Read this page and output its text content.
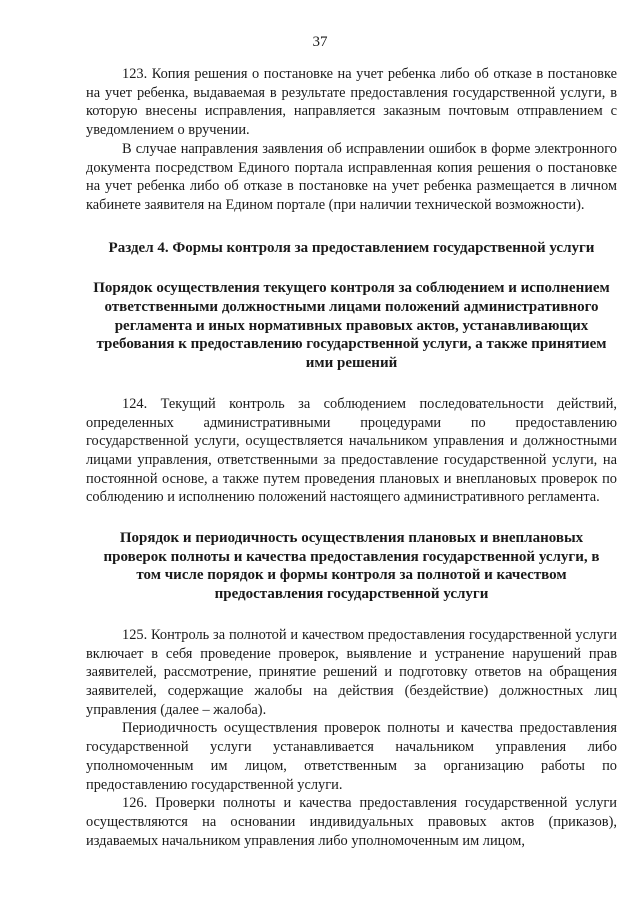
37

123. Копия решения о постановке на учет ребенка либо об отказе в постановке на учет ребенка, выдаваемая в результате предоставления государственной услуги, в которую внесены исправления, направляется заказным почтовым отправлением с уведомлением о вручении.

В случае направления заявления об исправлении ошибок в форме электронного документа посредством Единого портала исправленная копия решения о постановке на учет ребенка либо об отказе в постановке на учет ребенка размещается в личном кабинете заявителя на Едином портале (при наличии технической возможности).

Раздел 4. Формы контроля за предоставлением государственной услуги
Порядок осуществления текущего контроля за соблюдением и исполнением ответственными должностными лицами положений административного регламента и иных нормативных правовых актов, устанавливающих требования к предоставлению государственной услуги, а также принятием ими решений

124. Текущий контроль за соблюдением последовательности действий, определенных административными процедурами по предоставлению государственной услуги, осуществляется начальником управления и должностными лицами управления, ответственными за предоставление государственной услуги, на постоянной основе, а также путем проведения плановых и внеплановых проверок по соблюдению и исполнению положений настоящего административного регламента.

Порядок и периодичность осуществления плановых и внеплановых проверок полноты и качества предоставления государственной услуги, в том числе порядок и формы контроля за полнотой и качеством предоставления государственной услуги

125. Контроль за полнотой и качеством предоставления государственной услуги включает в себя проведение проверок, выявление и устранение нарушений прав заявителей, рассмотрение, принятие решений и подготовку ответов на обращения заявителей, содержащие жалобы на действия (бездействие) должностных лиц управления (далее – жалоба).

Периодичность осуществления проверок полноты и качества предоставления государственной услуги устанавливается начальником управления либо уполномоченным им лицом, ответственным за организацию работы по предоставлению государственной услуги.

126. Проверки полноты и качества предоставления государственной услуги осуществляются на основании индивидуальных правовых актов (приказов), издаваемых начальником управления либо уполномоченным им лицом,
